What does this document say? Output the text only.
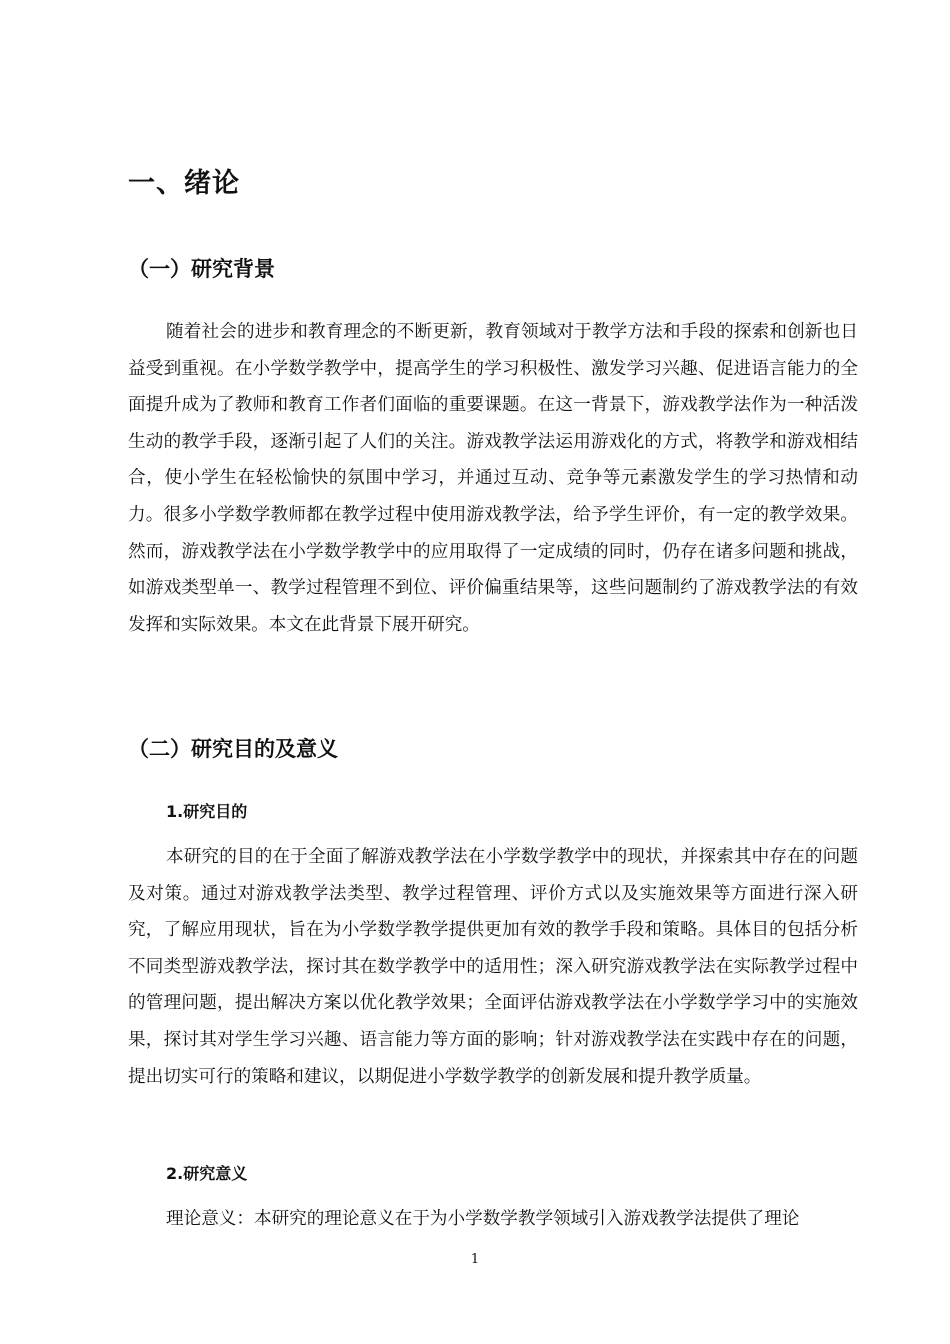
一、绪论
（一）研究背景

随着社会的进步和教育理念的不断更新，教育领域对于教学方法和手段的探索和创新也日益受到重视。在小学数学教学中，提高学生的学习积极性、激发学习兴趣、促进语言能力的全面提升成为了教师和教育工作者们面临的重要课题。在这一背景下，游戏教学法作为一种活泼生动的教学手段，逐渐引起了人们的关注。游戏教学法运用游戏化的方式，将教学和游戏相结合，使小学生在轻松愉快的氛围中学习，并通过互动、竞争等元素激发学生的学习热情和动力。很多小学数学教师都在教学过程中使用游戏教学法，给予学生评价，有一定的教学效果。然而，游戏教学法在小学数学教学中的应用取得了一定成绩的同时，仍存在诸多问题和挑战，如游戏类型单一、教学过程管理不到位、评价偏重结果等，这些问题制约了游戏教学法的有效发挥和实际效果。本文在此背景下展开研究。

（二）研究目的及意义
1.研究目的

本研究的目的在于全面了解游戏教学法在小学数学教学中的现状，并探索其中存在的问题及对策。通过对游戏教学法类型、教学过程管理、评价方式以及实施效果等方面进行深入研究，了解应用现状，旨在为小学数学教学提供更加有效的教学手段和策略。具体目的包括分析不同类型游戏教学法，探讨其在数学教学中的适用性；深入研究游戏教学法在实际教学过程中的管理问题，提出解决方案以优化教学效果；全面评估游戏教学法在小学数学学习中的实施效果，探讨其对学生学习兴趣、语言能力等方面的影响；针对游戏教学法在实践中存在的问题，提出切实可行的策略和建议，以期促进小学数学教学的创新发展和提升教学质量。

2.研究意义

理论意义：本研究的理论意义在于为小学数学教学领域引入游戏教学法提供了理论

1
